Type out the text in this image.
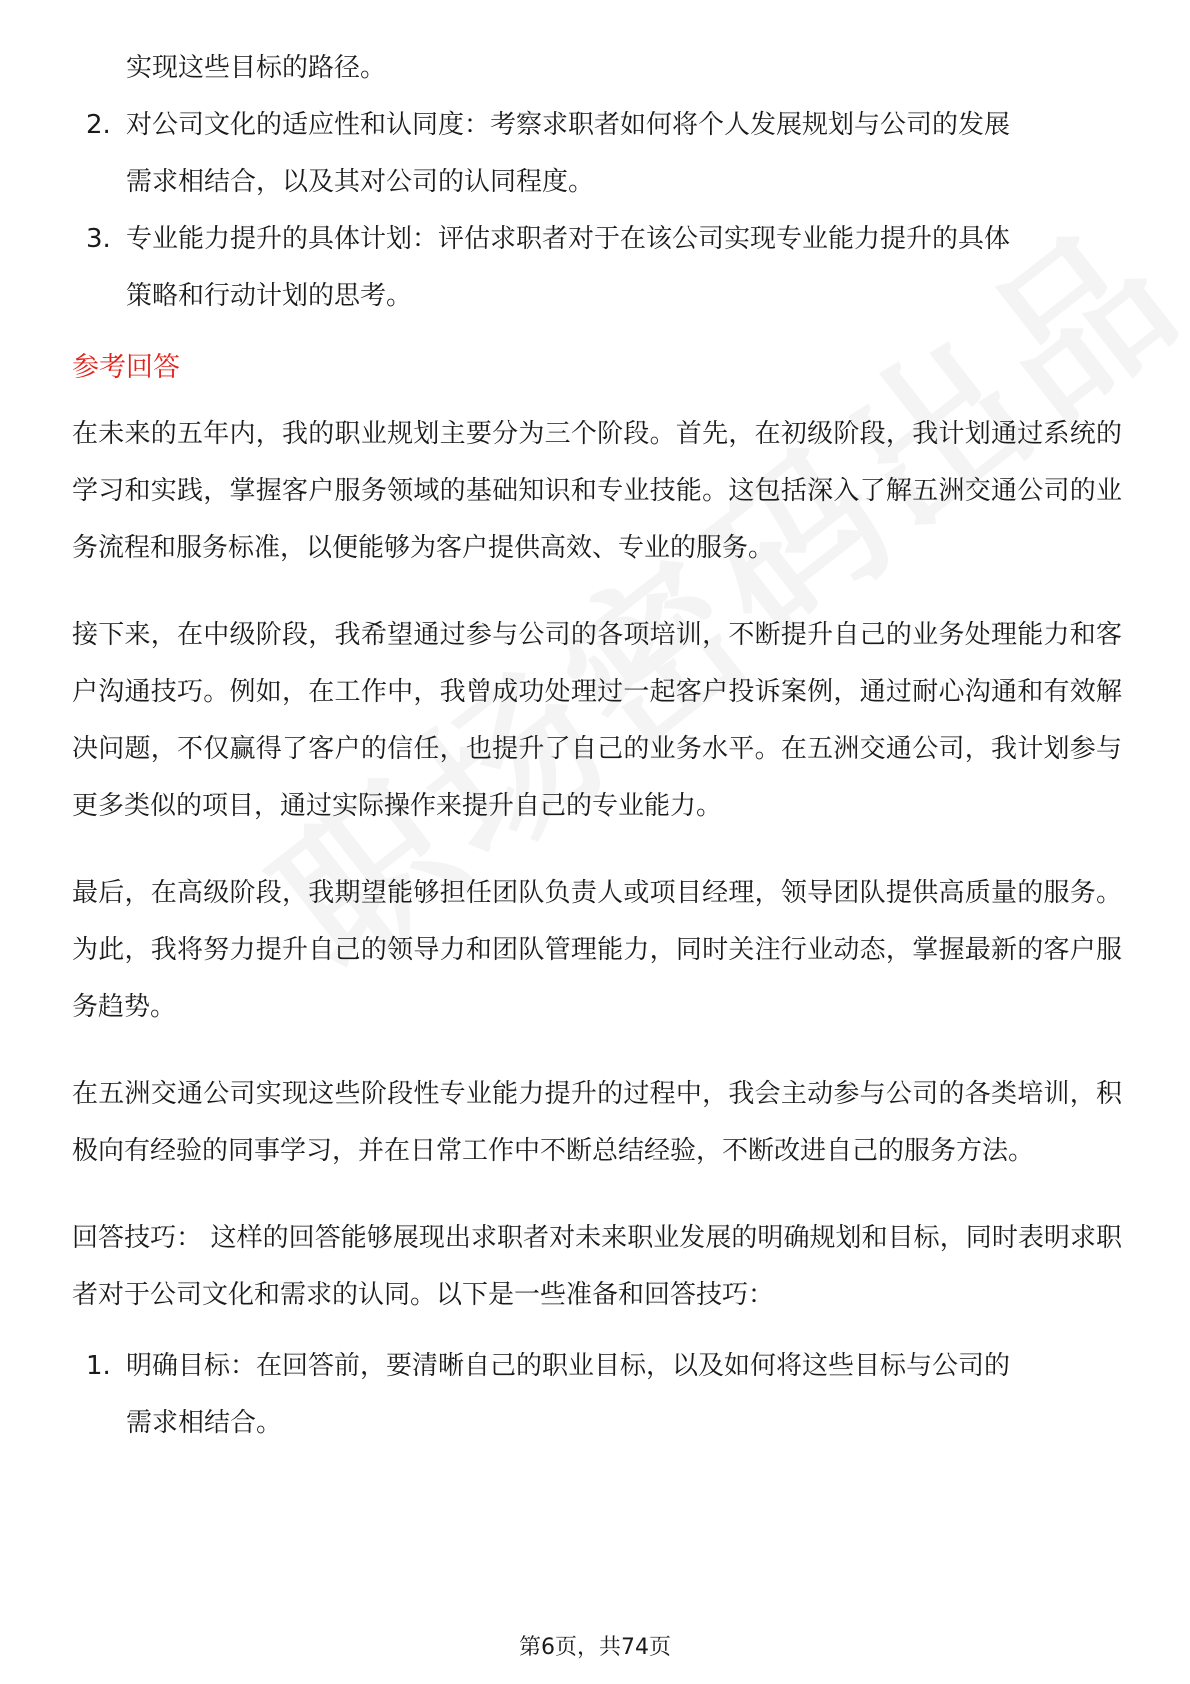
实现这些目标的路径。
2. 对公司文化的适应性和认同度：考察求职者如何将个人发展规划与公司的发展
需求相结合，以及其对公司的认同程度。
3. 专业能力提升的具体计划：评估求职者对于在该公司实现专业能力提升的具体
策略和行动计划的思考。
参考回答

在未来的五年内，我的职业规划主要分为三个阶段。首先，在初级阶段，我计划通过系统的学习和实践，掌握客户服务领域的基础知识和专业技能。这包括深入了解五洲交通公司的业务流程和服务标准，以便能够为客户提供高效、专业的服务。

接下来，在中级阶段，我希望通过参与公司的各项培训，不断提升自己的业务处理能力和客户沟通技巧。例如，在工作中，我曾成功处理过一起客户投诉案例，通过耐心沟通和有效解决问题，不仅赢得了客户的信任，也提升了自己的业务水平。在五洲交通公司，我计划参与更多类似的项目，通过实际操作来提升自己的专业能力。

最后，在高级阶段，我期望能够担任团队负责人或项目经理，领导团队提供高质量的服务。为此，我将努力提升自己的领导力和团队管理能力，同时关注行业动态，掌握最新的客户服务趋势。

在五洲交通公司实现这些阶段性专业能力提升的过程中，我会主动参与公司的各类培训，积极向有经验的同事学习，并在日常工作中不断总结经验，不断改进自己的服务方法。

回答技巧： 这样的回答能够展现出求职者对未来职业发展的明确规划和目标，同时表明求职者对于公司文化和需求的认同。以下是一些准备和回答技巧：

1. 明确目标：在回答前，要清晰自己的职业目标，以及如何将这些目标与公司的
需求相结合。
第6页，共74页
